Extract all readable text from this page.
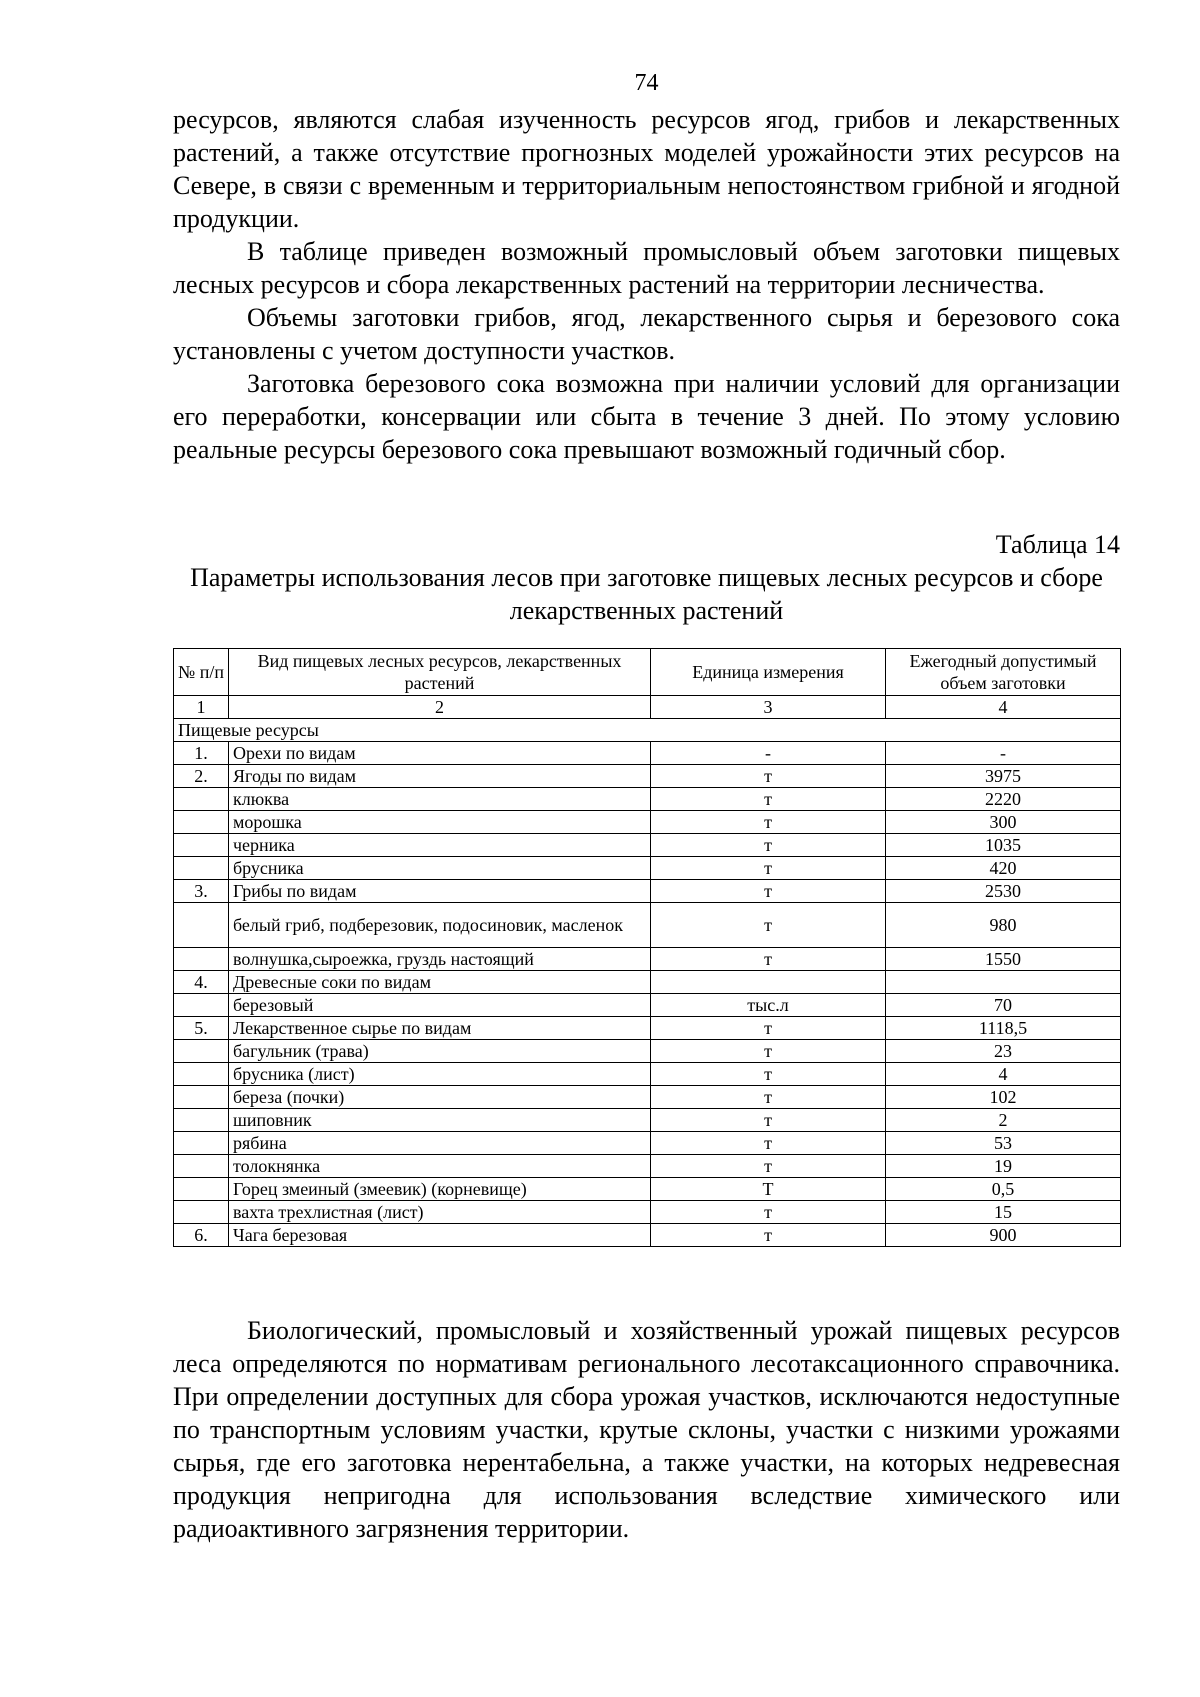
74

ресурсов, являются слабая изученность ресурсов ягод, грибов и лекарственных растений, а также отсутствие прогнозных моделей урожайности этих ресурсов на Севере, в связи с временным и территориальным непостоянством грибной и ягодной продукции.

В таблице приведен возможный промысловый объем заготовки пищевых лесных ресурсов и сбора лекарственных растений на территории лесничества.

Объемы заготовки грибов, ягод, лекарственного сырья и березового сока установлены с учетом доступности участков.

Заготовка березового сока возможна при наличии условий для организации его переработки, консервации или сбыта в течение 3 дней. По этому условию реальные ресурсы березового сока превышают возможный годичный сбор.

Таблица 14
Параметры использования лесов при заготовке пищевых лесных ресурсов и сборе лекарственных растений
№ п/п	Вид пищевых лесных ресурсов, лекарственных растений	Единица измерения	Ежегодный допустимый объем заготовки
1	2	3	4
Пищевые ресурсы			
1.	Орехи по видам	-	-
2.	Ягоды по видам	т	3975
	клюква	т	2220
	морошка	т	300
	черника	т	1035
	брусника	т	420
3.	Грибы по видам	т	2530
	белый гриб, подберезовик, подосиновик, масленок	т	980
	волнушка,сыроежка, груздь настоящий	т	1550
4.	Древесные соки по видам		
	березовый	тыс.л	70
5.	Лекарственное сырье по видам	т	1118,5
	багульник (трава)	т	23
	брусника (лист)	т	4
	береза (почки)	т	102
	шиповник	т	2
	рябина	т	53
	толокнянка	т	19
	Горец змеиный (змеевик) (корневище)	Т	0,5
	вахта трехлистная (лист)	т	15
6.	Чага березовая	т	900

Биологический, промысловый и хозяйственный урожай пищевых ресурсов леса определяются по нормативам регионального лесотаксационного справочника. При определении доступных для сбора урожая участков, исключаются недоступные по транспортным условиям участки, крутые склоны, участки с низкими урожаями сырья, где его заготовка нерентабельна, а также участки, на которых недревесная продукция непригодна для использования вследствие химического или радиоактивного загрязнения территории.
